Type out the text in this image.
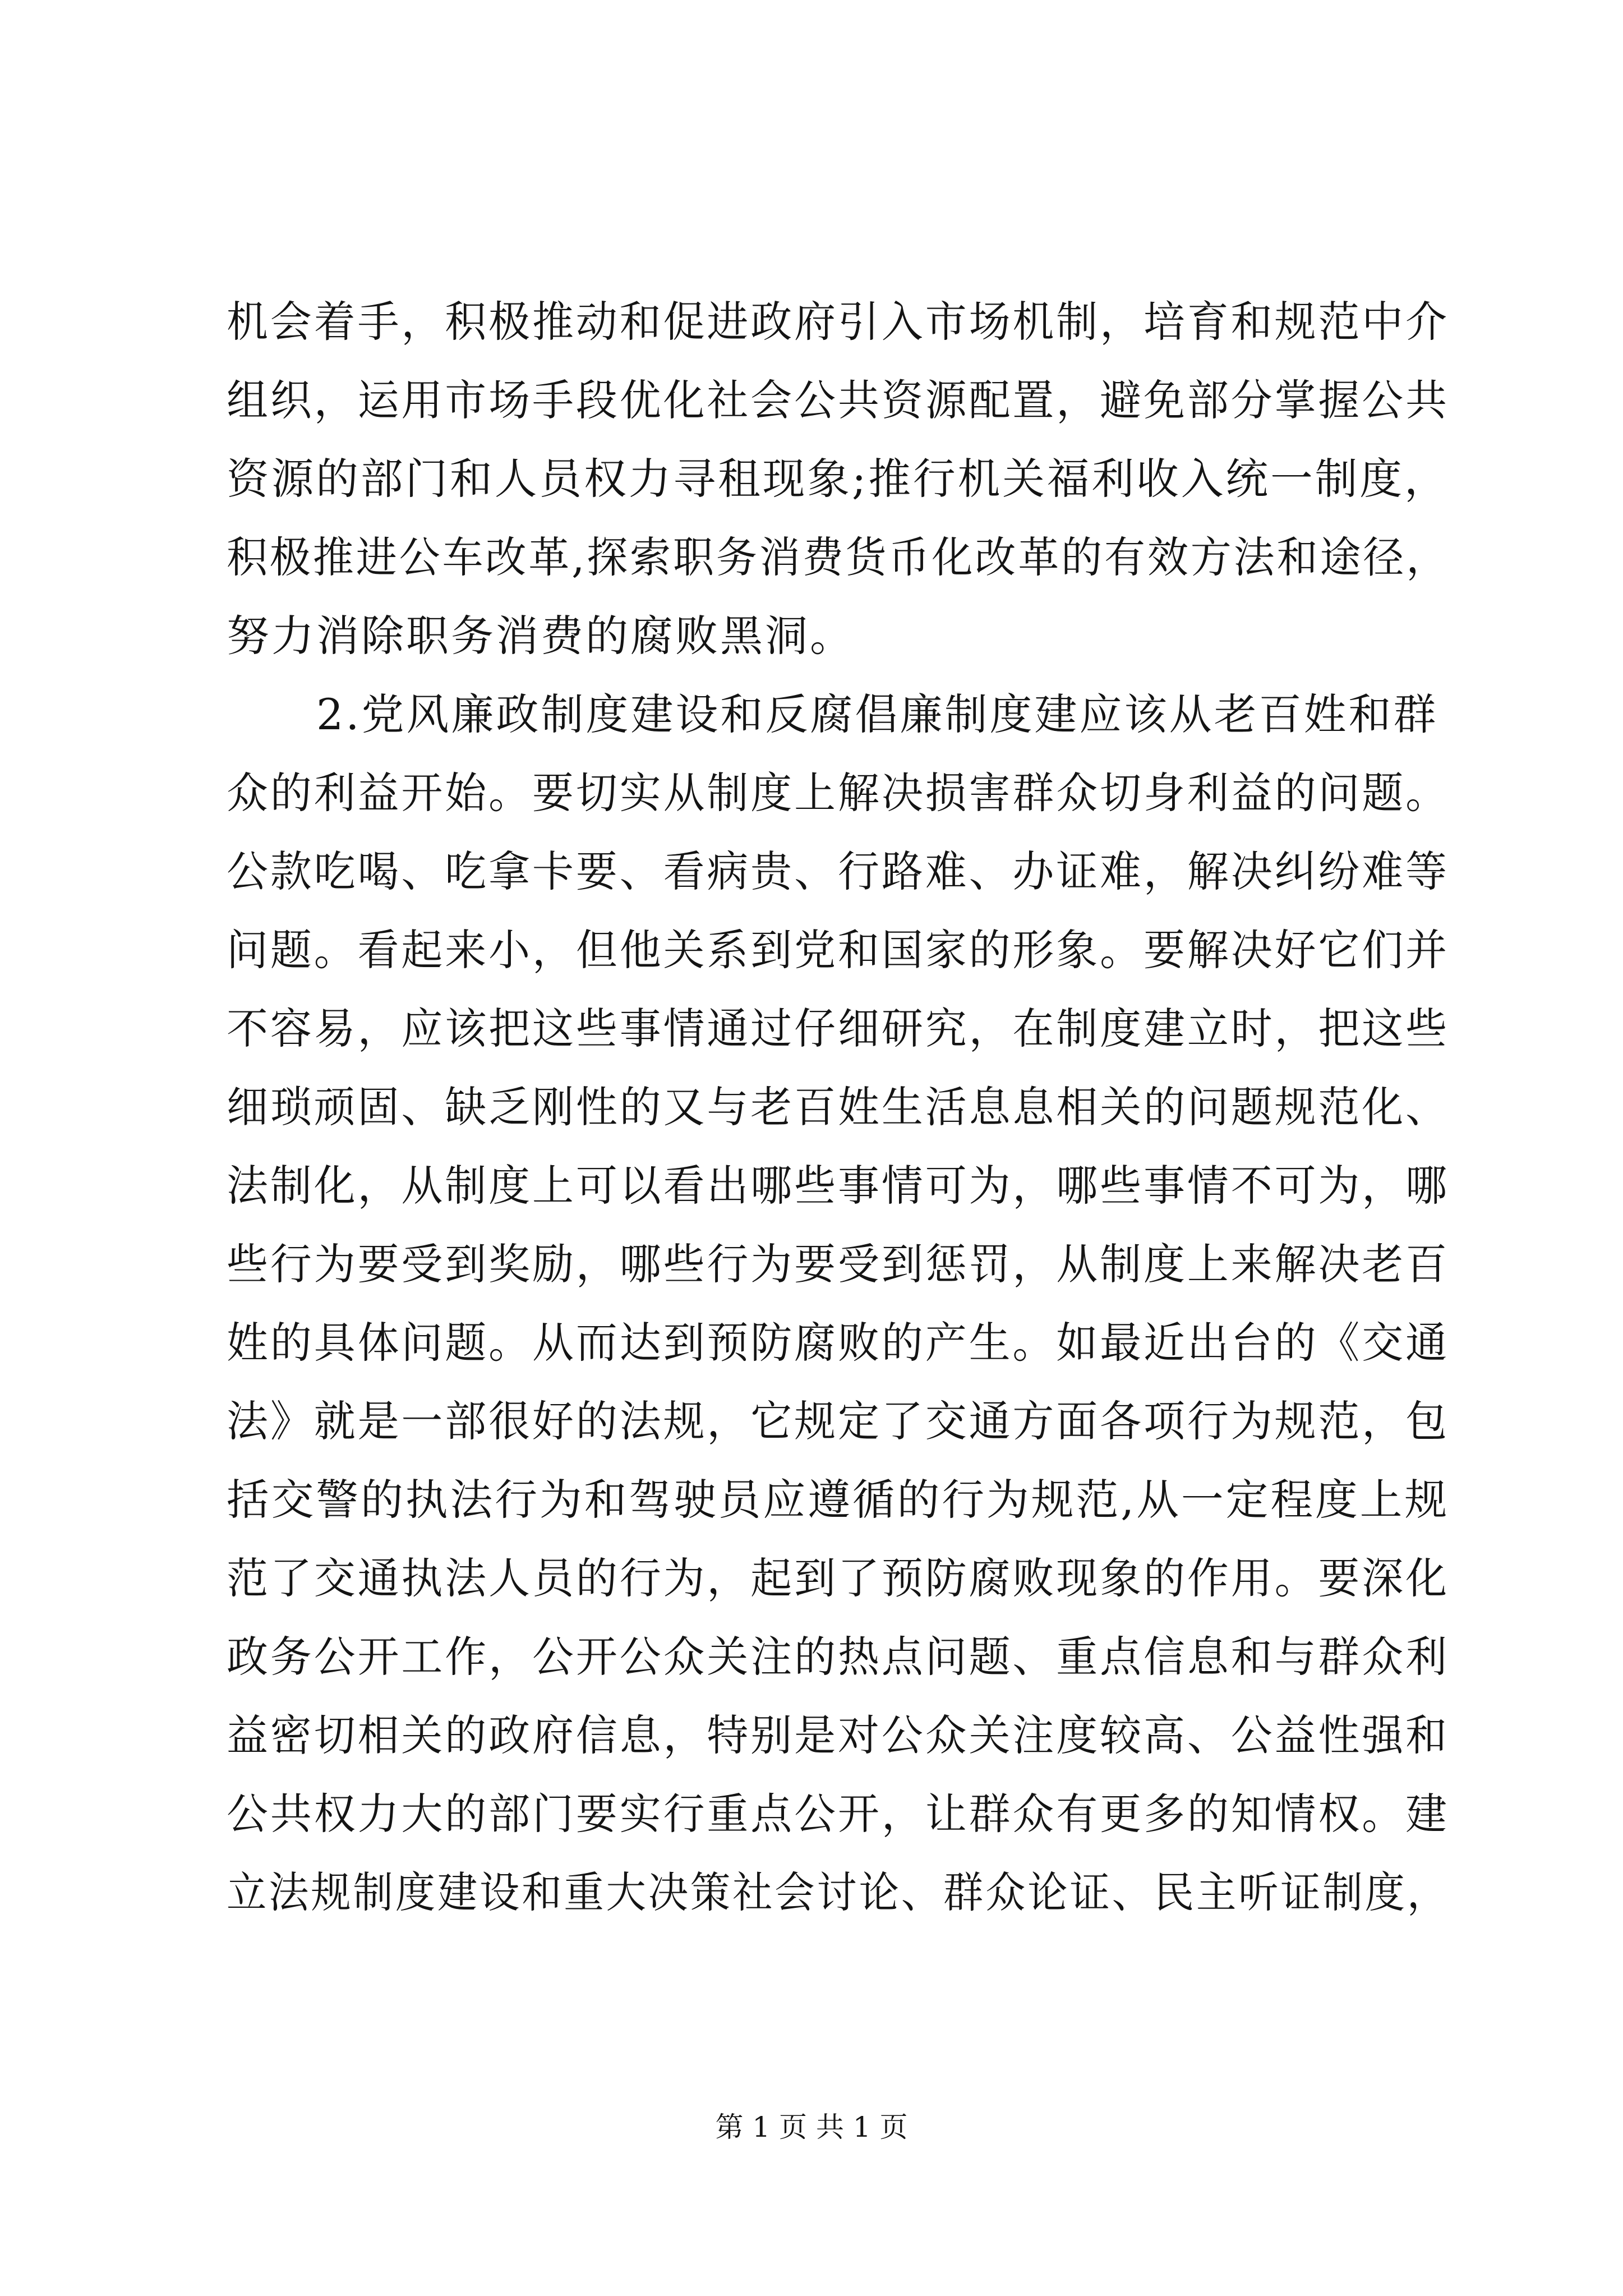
机会着手，积极推动和促进政府引入市场机制，培育和规范中介
组织，运用市场手段优化社会公共资源配置，避免部分掌握公共
资源的部门和人员权力寻租现象;推行机关福利收入统一制度，
积极推进公车改革,探索职务消费货币化改革的有效方法和途径，
努力消除职务消费的腐败黑洞。
　　2.党风廉政制度建设和反腐倡廉制度建应该从老百姓和群
众的利益开始。要切实从制度上解决损害群众切身利益的问题。
公款吃喝、吃拿卡要、看病贵、行路难、办证难，解决纠纷难等
问题。看起来小，但他关系到党和国家的形象。要解决好它们并
不容易，应该把这些事情通过仔细研究，在制度建立时，把这些
细琐顽固、缺乏刚性的又与老百姓生活息息相关的问题规范化、
法制化，从制度上可以看出哪些事情可为，哪些事情不可为，哪
些行为要受到奖励，哪些行为要受到惩罚，从制度上来解决老百
姓的具体问题。从而达到预防腐败的产生。如最近出台的《交通
法》就是一部很好的法规，它规定了交通方面各项行为规范，包
括交警的执法行为和驾驶员应遵循的行为规范,从一定程度上规
范了交通执法人员的行为，起到了预防腐败现象的作用。要深化
政务公开工作，公开公众关注的热点问题、重点信息和与群众利
益密切相关的政府信息，特别是对公众关注度较高、公益性强和
公共权力大的部门要实行重点公开，让群众有更多的知情权。建
立法规制度建设和重大决策社会讨论、群众论证、民主听证制度，
第 1 页 共 1 页
